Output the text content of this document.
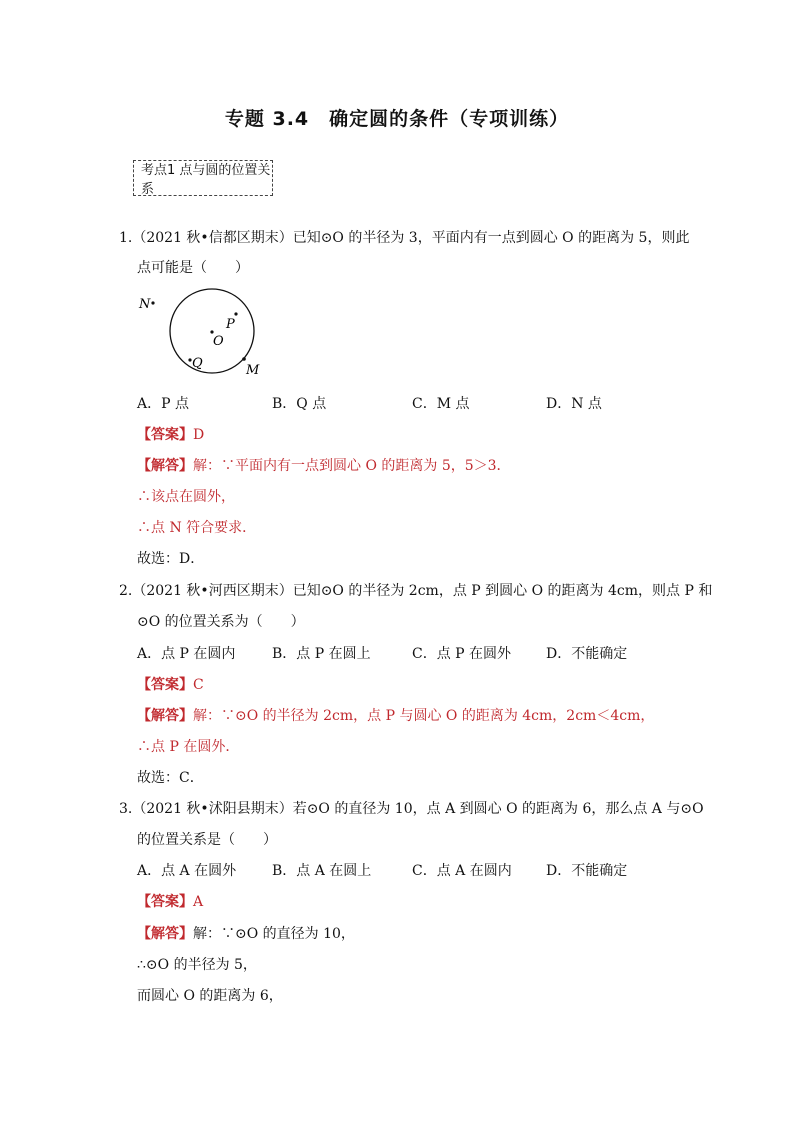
专题 3.4　确定圆的条件（专项训练）
考点1 点与圆的位置关系
1.（2021 秋•信都区期末）已知⊙O 的半径为 3，平面内有一点到圆心 O 的距离为 5，则此
点可能是（　　）
N
O
P
Q	M
A．P 点	B．Q 点	C．M 点	D．N 点
【答案】D
【解答】解：∵平面内有一点到圆心 O 的距离为 5，5＞3．
∴该点在圆外，
∴点 N 符合要求．
故选：D．
2.（2021 秋•河西区期末）已知⊙O 的半径为 2cm，点 P 到圆心 O 的距离为 4cm，则点 P 和
⊙O 的位置关系为（　　）
A．点 P 在圆内	B．点 P 在圆上	C．点 P 在圆外 D．不能确定
【答案】C
【解答】解：∵⊙O 的半径为 2cm，点 P 与圆心 O 的距离为 4cm，2cm＜4cm，
∴点 P 在圆外．
故选：C．
3.（2021 秋•沭阳县期末）若⊙O 的直径为 10，点 A 到圆心 O 的距离为 6，那么点 A 与⊙O
的位置关系是（　　）
A．点 A 在圆外	B．点 A 在圆上	C．点 A 在圆内 D．不能确定
【答案】A
【解答】解：∵⊙O 的直径为 10，
∴⊙O 的半径为 5，
而圆心 O 的距离为 6，
